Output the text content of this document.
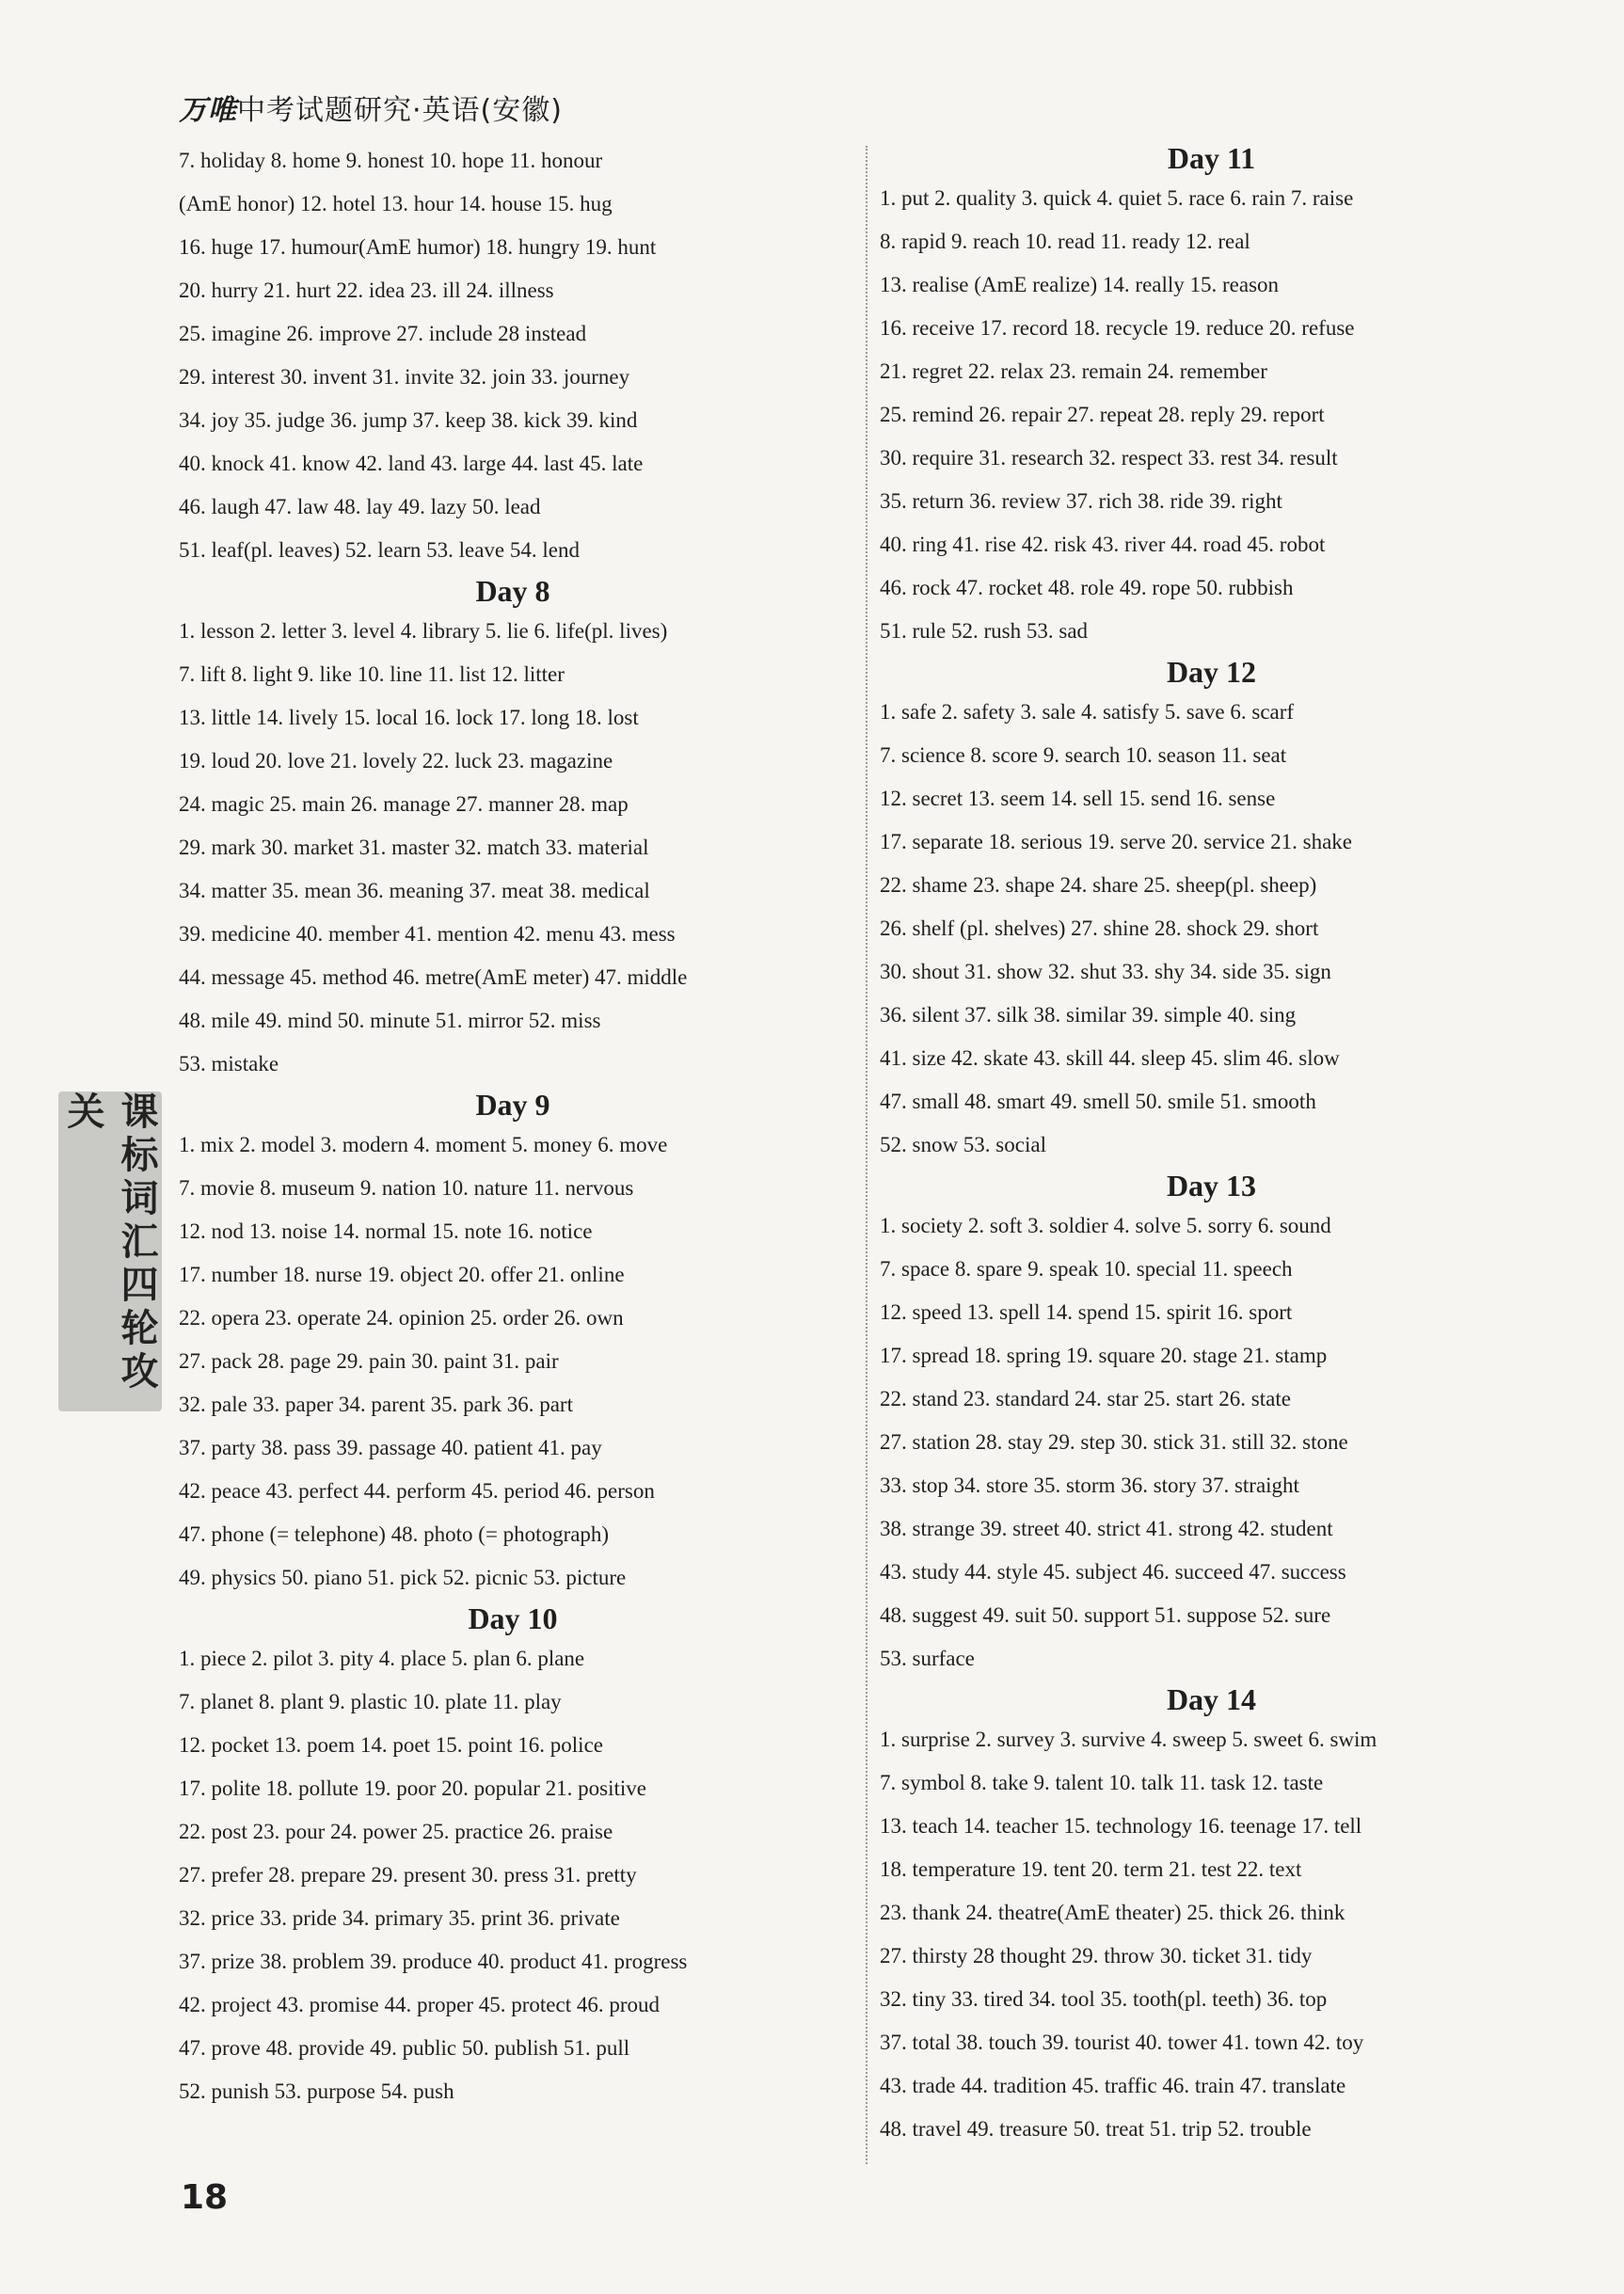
万唯中考试题研究·英语(安徽)
7. holiday 8. home 9. honest 10. hope 11. honour
(AmE honor) 12. hotel 13. hour 14. house 15. hug
16. huge 17. humour(AmE humor) 18. hungry 19. hunt
20. hurry 21. hurt 22. idea 23. ill 24. illness
25. imagine 26. improve 27. include 28 instead
29. interest 30. invent 31. invite 32. join 33. journey
34. joy 35. judge 36. jump 37. keep 38. kick 39. kind
40. knock 41. know 42. land 43. large 44. last 45. late
46. laugh 47. law 48. lay 49. lazy 50. lead
51. leaf(pl. leaves) 52. learn 53. leave 54. lend
Day 8
1. lesson 2. letter 3. level 4. library 5. lie 6. life(pl. lives)
7. lift 8. light 9. like 10. line 11. list 12. litter
13. little 14. lively 15. local 16. lock 17. long 18. lost
19. loud 20. love 21. lovely 22. luck 23. magazine
24. magic 25. main 26. manage 27. manner 28. map
29. mark 30. market 31. master 32. match 33. material
34. matter 35. mean 36. meaning 37. meat 38. medical
39. medicine 40. member 41. mention 42. menu 43. mess
44. message 45. method 46. metre(AmE meter) 47. middle
48. mile 49. mind 50. minute 51. mirror 52. miss
53. mistake
Day 9
1. mix 2. model 3. modern 4. moment 5. money 6. move
7. movie 8. museum 9. nation 10. nature 11. nervous
12. nod 13. noise 14. normal 15. note 16. notice
17. number 18. nurse 19. object 20. offer 21. online
22. opera 23. operate 24. opinion 25. order 26. own
27. pack 28. page 29. pain 30. paint 31. pair
32. pale 33. paper 34. parent 35. park 36. part
37. party 38. pass 39. passage 40. patient 41. pay
42. peace 43. perfect 44. perform 45. period 46. person
47. phone (= telephone) 48. photo (= photograph)
49. physics 50. piano 51. pick 52. picnic 53. picture
Day 10
1. piece 2. pilot 3. pity 4. place 5. plan 6. plane
7. planet 8. plant 9. plastic 10. plate 11. play
12. pocket 13. poem 14. poet 15. point 16. police
17. polite 18. pollute 19. poor 20. popular 21. positive
22. post 23. pour 24. power 25. practice 26. praise
27. prefer 28. prepare 29. present 30. press 31. pretty
32. price 33. pride 34. primary 35. print 36. private
37. prize 38. problem 39. produce 40. product 41. progress
42. project 43. promise 44. proper 45. protect 46. proud
47. prove 48. provide 49. public 50. publish 51. pull
52. punish 53. purpose 54. push
Day 11
1. put 2. quality 3. quick 4. quiet 5. race 6. rain 7. raise
8. rapid 9. reach 10. read 11. ready 12. real
13. realise (AmE realize) 14. really 15. reason
16. receive 17. record 18. recycle 19. reduce 20. refuse
21. regret 22. relax 23. remain 24. remember
25. remind 26. repair 27. repeat 28. reply 29. report
30. require 31. research 32. respect 33. rest 34. result
35. return 36. review 37. rich 38. ride 39. right
40. ring 41. rise 42. risk 43. river 44. road 45. robot
46. rock 47. rocket 48. role 49. rope 50. rubbish
51. rule 52. rush 53. sad
Day 12
1. safe 2. safety 3. sale 4. satisfy 5. save 6. scarf
7. science 8. score 9. search 10. season 11. seat
12. secret 13. seem 14. sell 15. send 16. sense
17. separate 18. serious 19. serve 20. service 21. shake
22. shame 23. shape 24. share 25. sheep(pl. sheep)
26. shelf (pl. shelves) 27. shine 28. shock 29. short
30. shout 31. show 32. shut 33. shy 34. side 35. sign
36. silent 37. silk 38. similar 39. simple 40. sing
41. size 42. skate 43. skill 44. sleep 45. slim 46. slow
47. small 48. smart 49. smell 50. smile 51. smooth
52. snow 53. social
Day 13
1. society 2. soft 3. soldier 4. solve 5. sorry 6. sound
7. space 8. spare 9. speak 10. special 11. speech
12. speed 13. spell 14. spend 15. spirit 16. sport
17. spread 18. spring 19. square 20. stage 21. stamp
22. stand 23. standard 24. star 25. start 26. state
27. station 28. stay 29. step 30. stick 31. still 32. stone
33. stop 34. store 35. storm 36. story 37. straight
38. strange 39. street 40. strict 41. strong 42. student
43. study 44. style 45. subject 46. succeed 47. success
48. suggest 49. suit 50. support 51. suppose 52. sure
53. surface
Day 14
1. surprise 2. survey 3. survive 4. sweep 5. sweet 6. swim
7. symbol 8. take 9. talent 10. talk 11. task 12. taste
13. teach 14. teacher 15. technology 16. teenage 17. tell
18. temperature 19. tent 20. term 21. test 22. text
23. thank 24. theatre(AmE theater) 25. thick 26. think
27. thirsty 28 thought 29. throw 30. ticket 31. tidy
32. tiny 33. tired 34. tool 35. tooth(pl. teeth) 36. top
37. total 38. touch 39. tourist 40. tower 41. town 42. toy
43. trade 44. tradition 45. traffic 46. train 47. translate
48. travel 49. treasure 50. treat 51. trip 52. trouble
课标词汇四轮攻关
18
